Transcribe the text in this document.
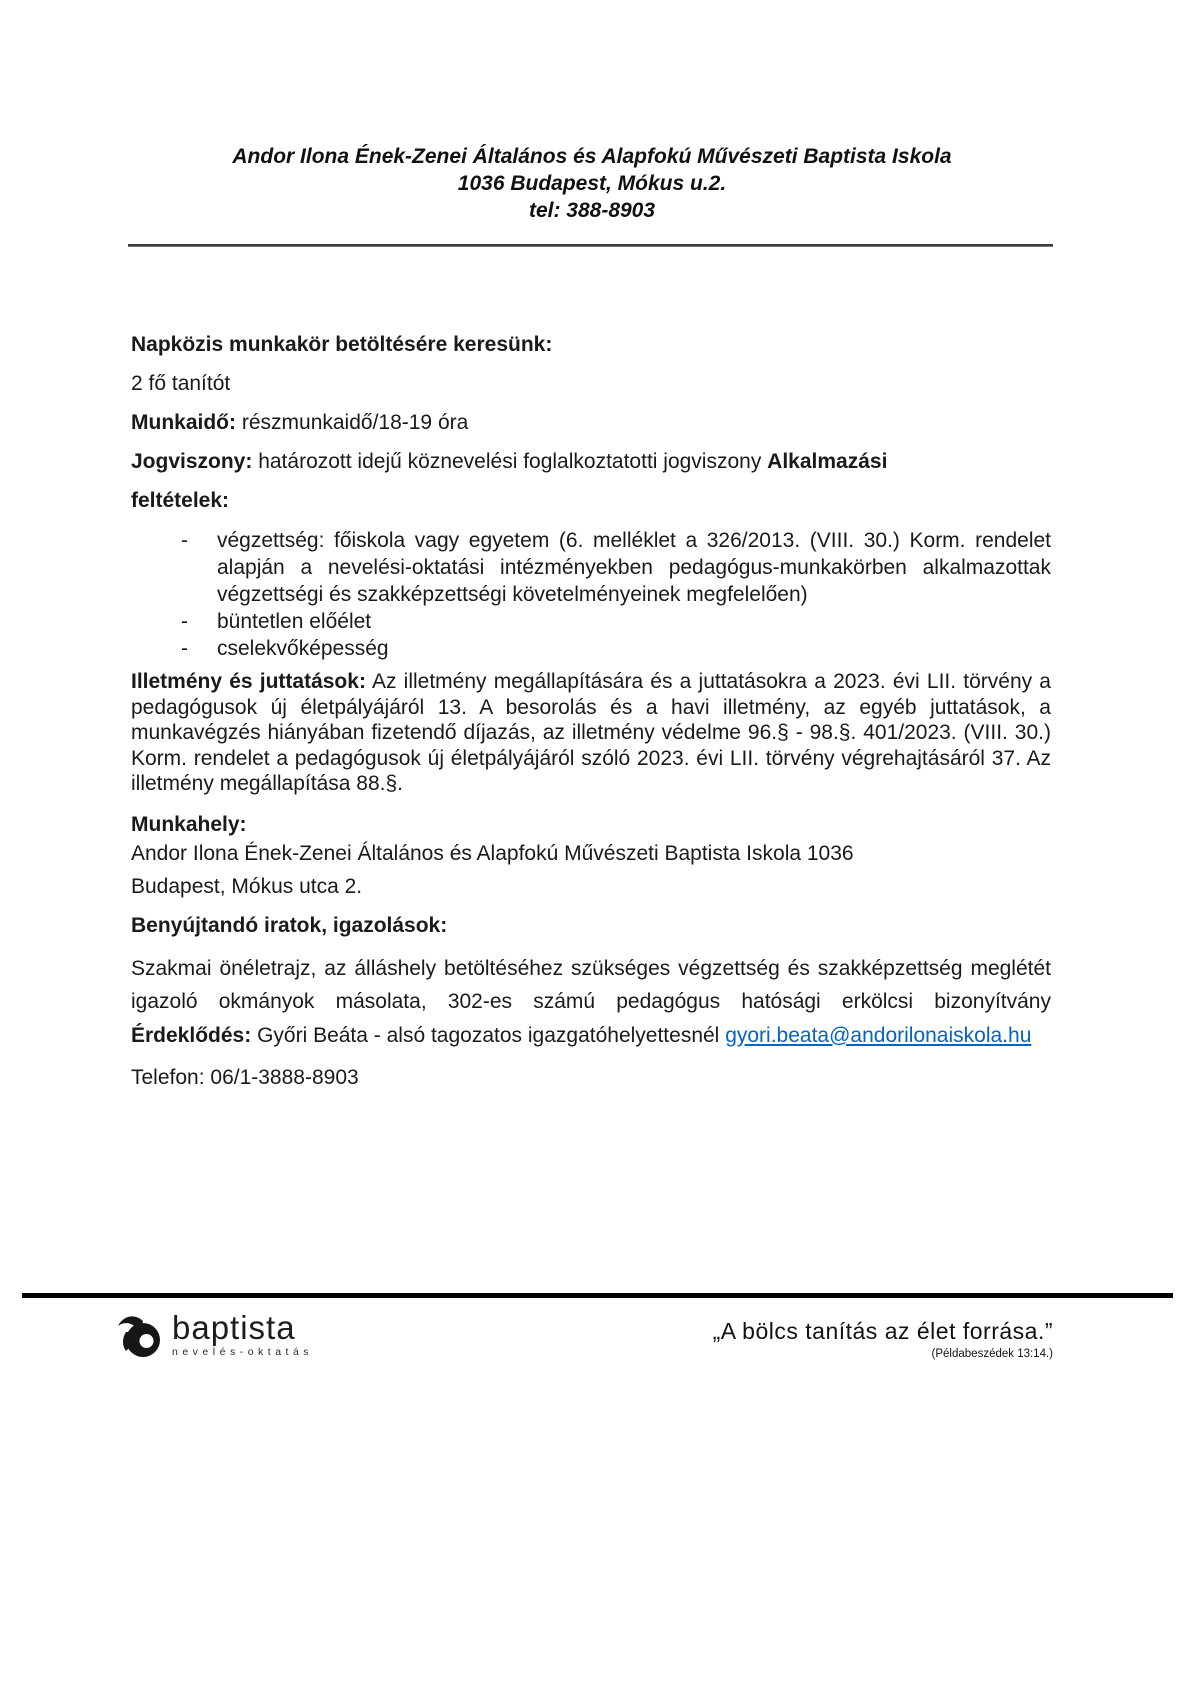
Andor Ilona Ének-Zenei Általános és Alapfokú Művészeti Baptista Iskola
1036 Budapest, Mókus u.2.
tel: 388-8903

Napközis munkakör betöltésére keresünk:

2 fő tanítót

Munkaidő: részmunkaidő/18-19 óra

Jogviszony: határozott idejű köznevelési foglalkoztatotti jogviszony Alkalmazási

feltételek:

- végzettség: főiskola vagy egyetem (6. melléklet a 326/2013. (VIII. 30.) Korm. rendelet alapján a nevelési-oktatási intézményekben pedagógus-munkakörben alkalmazottak végzettségi és szakképzettségi követelményeinek megfelelően)
- büntetlen előélet
- cselekvőképesség

Illetmény és juttatások: Az illetmény megállapítására és a juttatásokra a 2023. évi LII. törvény a pedagógusok új életpályájáról 13. A besorolás és a havi illetmény, az egyéb juttatások, a munkavégzés hiányában fizetendő díjazás, az illetmény védelme 96.§ - 98.§. 401/2023. (VIII. 30.) Korm. rendelet a pedagógusok új életpályájáról szóló 2023. évi LII. törvény végrehajtásáról 37. Az illetmény megállapítása 88.§.

Munkahely:
Andor Ilona Ének-Zenei Általános és Alapfokú Művészeti Baptista Iskola 1036

Budapest, Mókus utca 2.

Benyújtandó iratok, igazolások:

Szakmai önéletrajz, az álláshely betöltéséhez szükséges végzettség és szakképzettség meglétét igazoló okmányok másolata, 302-es számú pedagógus hatósági erkölcsi bizonyítvány Érdeklődés: Győri Beáta - alsó tagozatos igazgatóhelyettesnél gyori.beata@andorilonaiskola.hu

Telefon: 06/1-3888-8903

baptista
nevelés-oktatás
„A bölcs tanítás az élet forrása.”
(Példabeszédek 13:14.)
